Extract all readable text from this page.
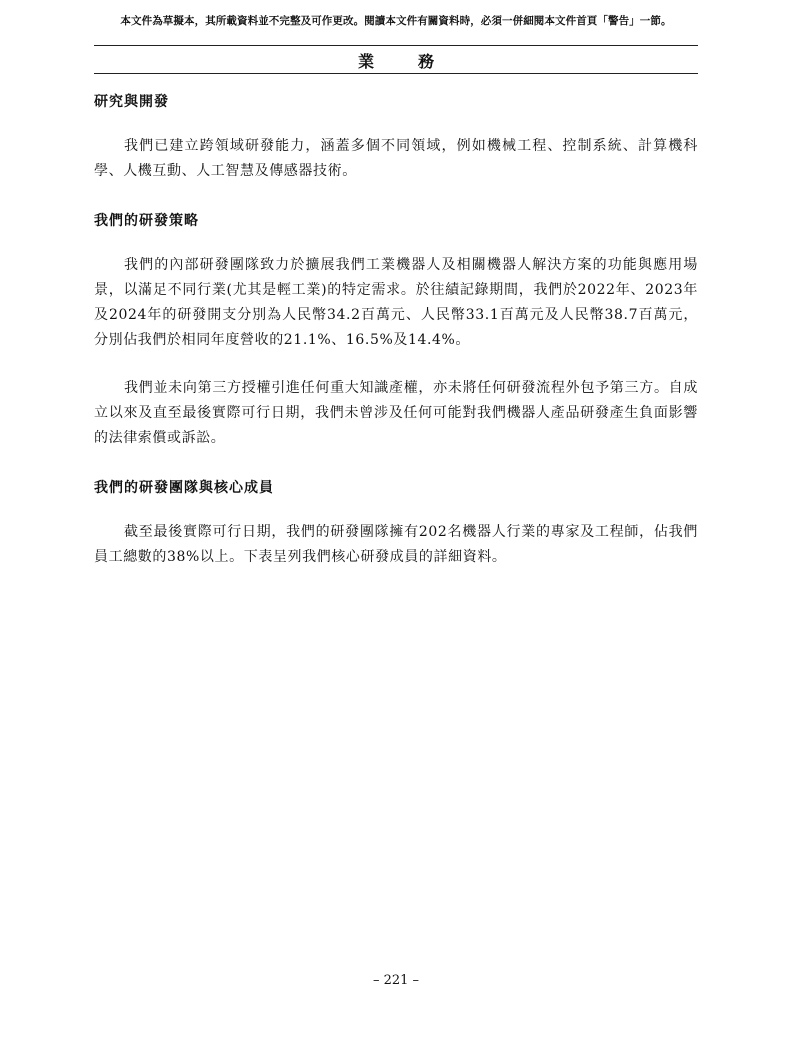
本文件為草擬本，其所載資料並不完整及可作更改。閱讀本文件有關資料時，必須一併細閱本文件首頁「警告」一節。
業　務
研究與開發

我們已建立跨領域研發能力，涵蓋多個不同領域，例如機械工程、控制系統、計算機科學、人機互動、人工智慧及傳感器技術。

我們的研發策略

我們的內部研發團隊致力於擴展我們工業機器人及相關機器人解決方案的功能與應用場景，以滿足不同行業(尤其是輕工業)的特定需求。於往績記錄期間，我們於2022年、2023年及2024年的研發開支分別為人民幣34.2百萬元、人民幣33.1百萬元及人民幣38.7百萬元，分別佔我們於相同年度營收的21.1%、16.5%及14.4%。

我們並未向第三方授權引進任何重大知識產權，亦未將任何研發流程外包予第三方。自成立以來及直至最後實際可行日期，我們未曾涉及任何可能對我們機器人產品研發產生負面影響的法律索償或訴訟。

我們的研發團隊與核心成員

截至最後實際可行日期，我們的研發團隊擁有202名機器人行業的專家及工程師，佔我們員工總數的38%以上。下表呈列我們核心研發成員的詳細資料。

– 221 –
